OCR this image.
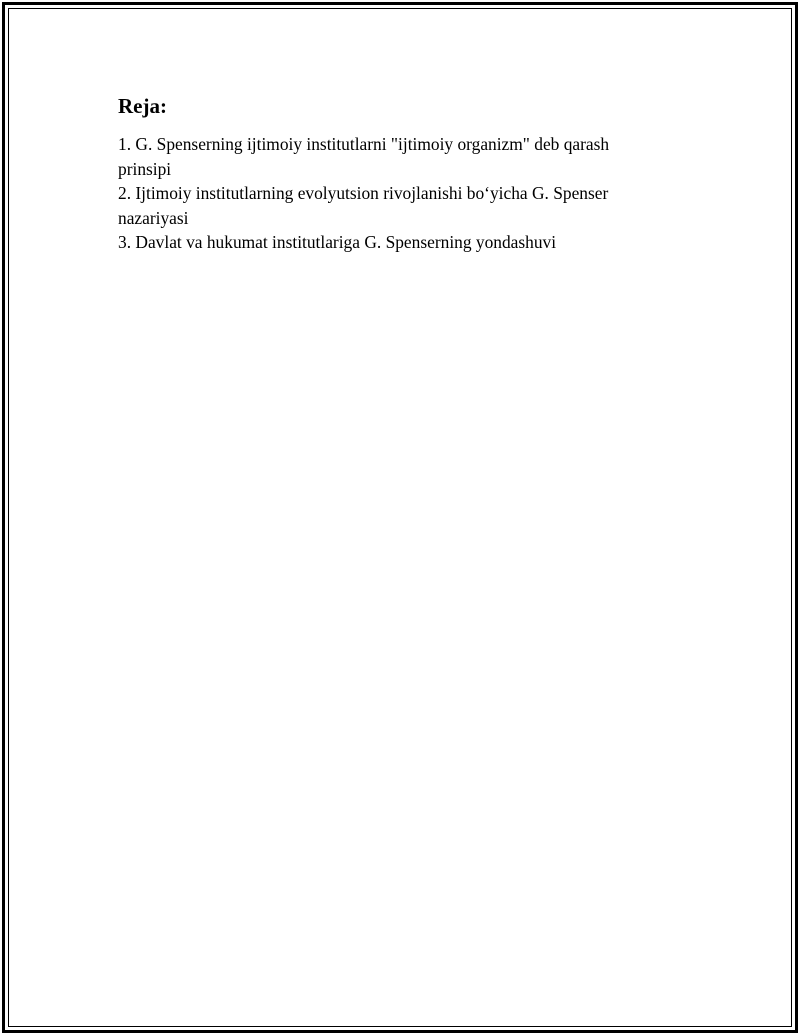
Reja:
1. G. Spenserning ijtimoiy institutlarni "ijtimoiy organizm" deb qarash prinsipi
2. Ijtimoiy institutlarning evolyutsion rivojlanishi bo‘yicha G. Spenser nazariyasi
3. Davlat va hukumat institutlariga G. Spenserning yondashuvi
